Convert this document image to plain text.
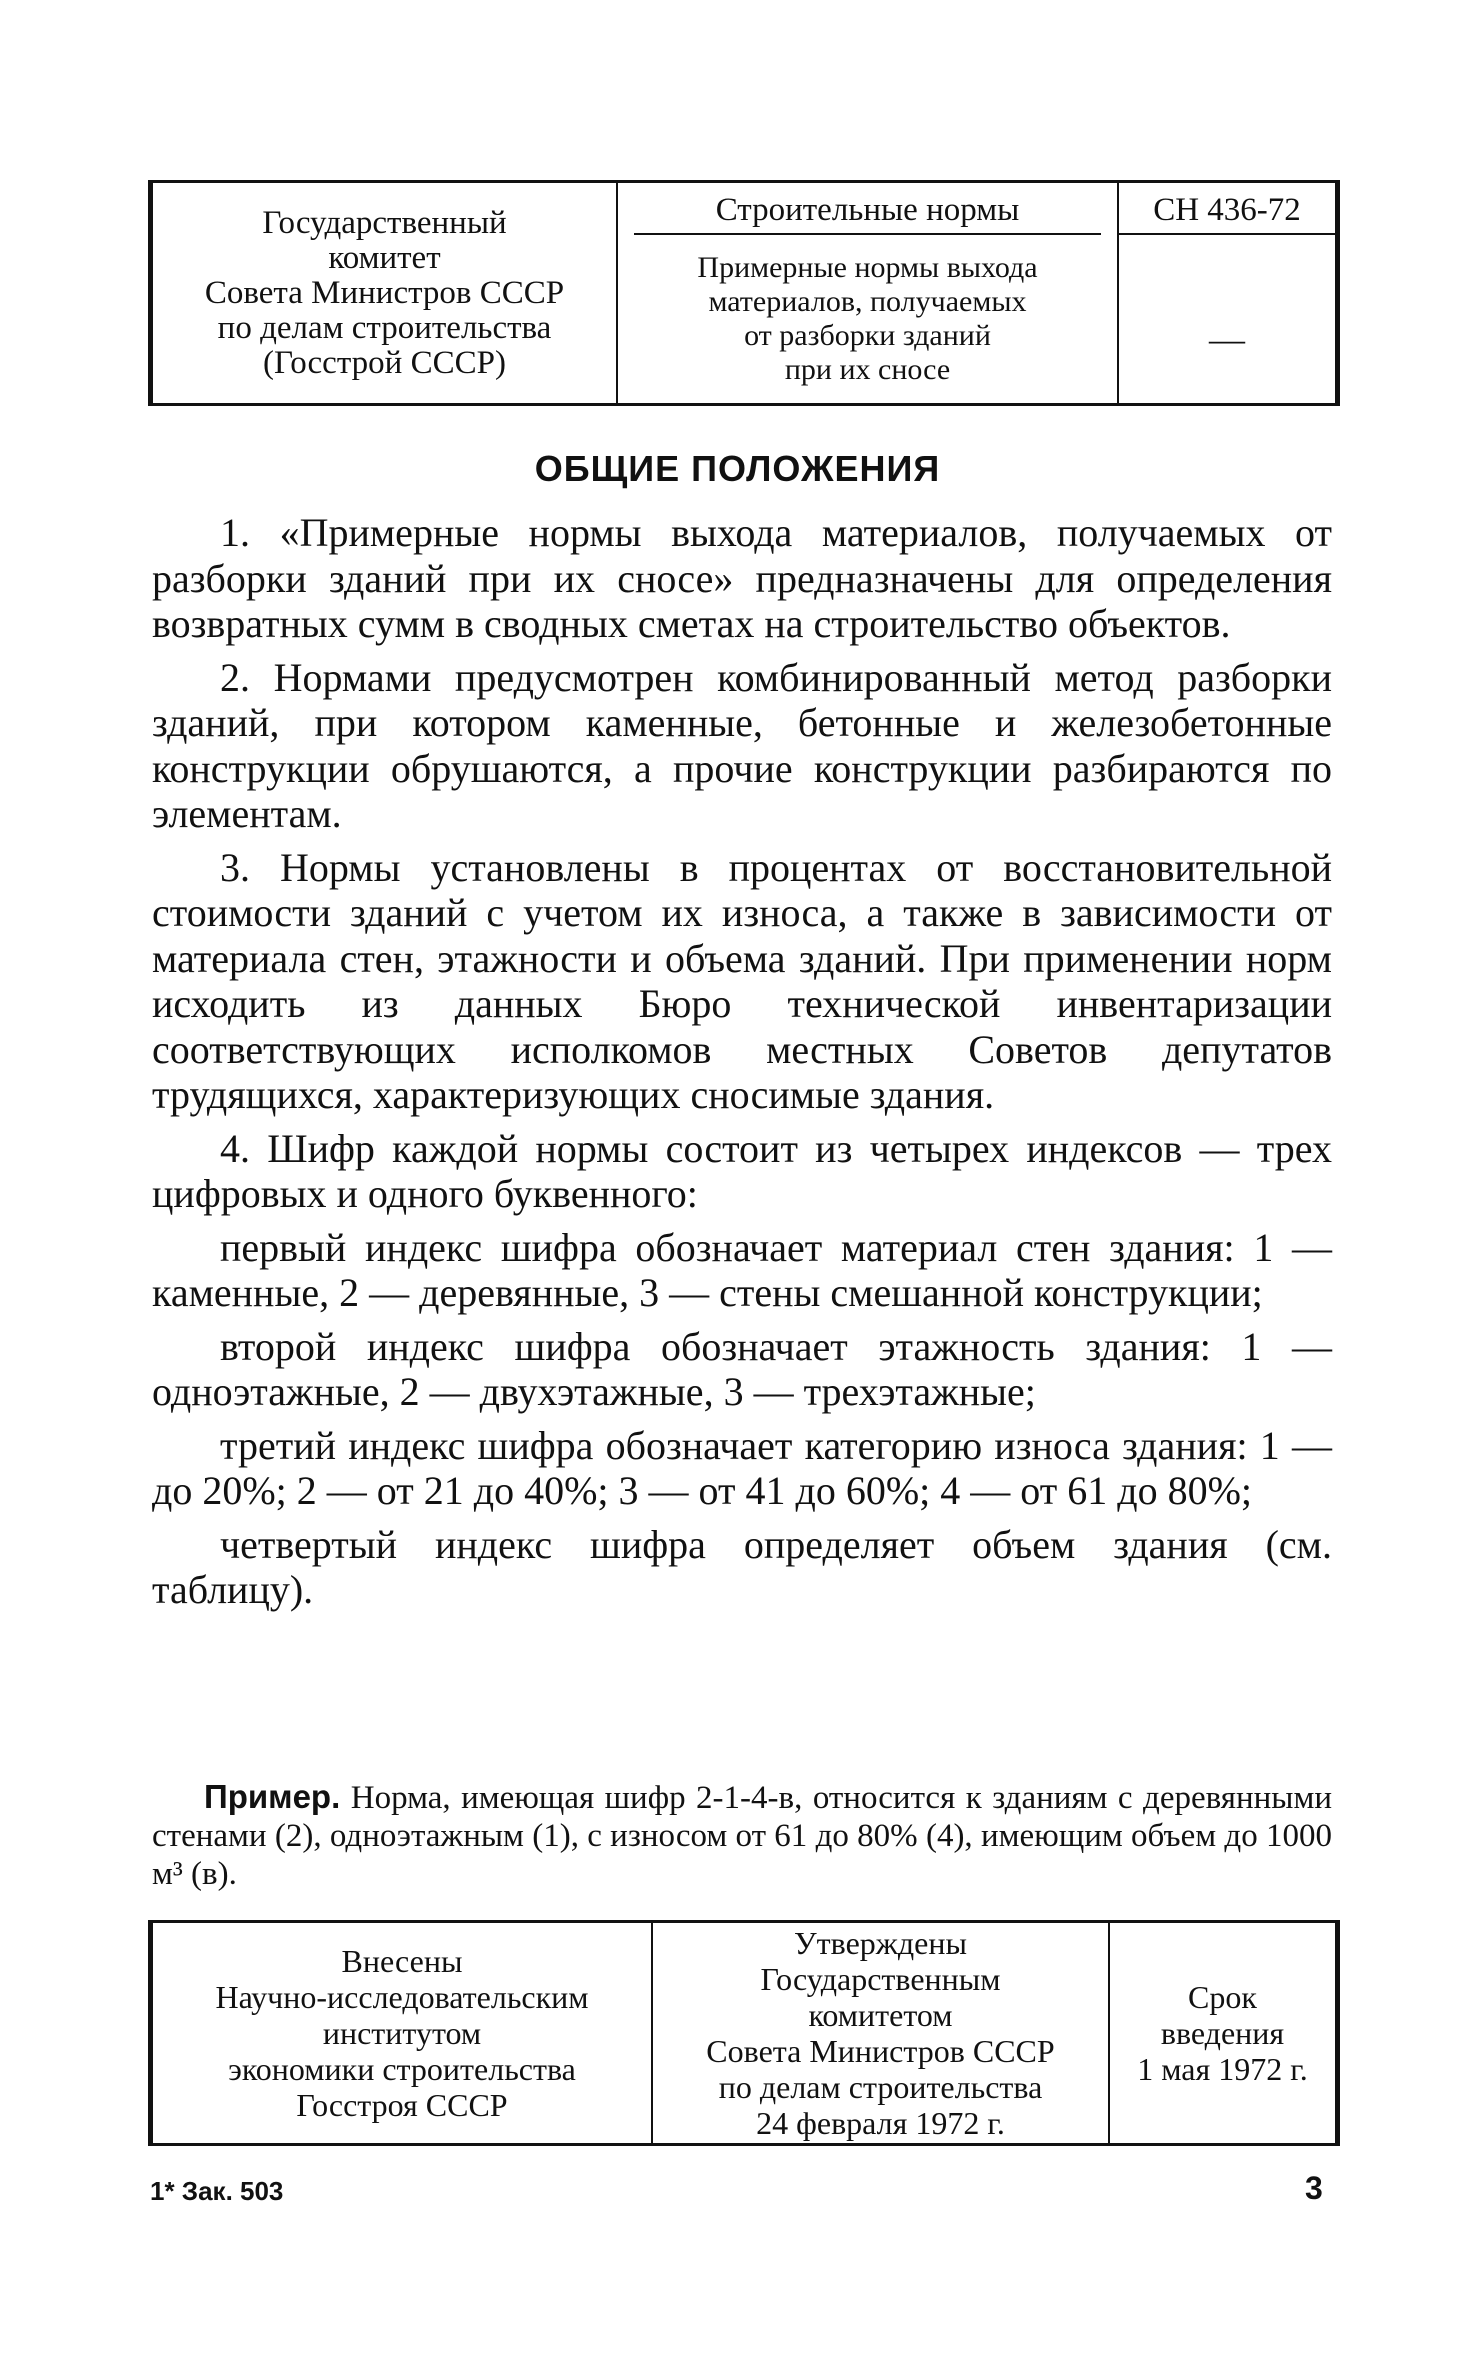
Государственный
комитет
Совета Министров СССР
по делам строительства
(Госстрой СССР)
Строительные нормы
Примерные нормы выхода
материалов, получаемых
от разборки зданий
при их сносе
СН 436-72
—
ОБЩИЕ ПОЛОЖЕНИЯ

1. «Примерные нормы выхода материалов, получаемых от разборки зданий при их сносе» предназначены для определения возвратных сумм в сводных сметах на строительство объектов.

2. Нормами предусмотрен комбинированный метод разборки зданий, при котором каменные, бетонные и железобетонные конструкции обрушаются, а прочие конструкции разбираются по элементам.

3. Нормы установлены в процентах от восстановительной стоимости зданий с учетом их износа, а также в зависимости от материала стен, этажности и объема зданий. При применении норм исходить из данных Бюро технической инвентаризации соответствующих исполкомов местных Советов депутатов трудящихся, характеризующих сносимые здания.

4. Шифр каждой нормы состоит из четырех индексов — трех цифровых и одного буквенного:

первый индекс шифра обозначает материал стен здания: 1 — каменные, 2 — деревянные, 3 — стены смешанной конструкции;

второй индекс шифра обозначает этажность здания: 1 — одноэтажные, 2 — двухэтажные, 3 — трехэтажные;

третий индекс шифра обозначает категорию износа здания: 1 — до 20%; 2 — от 21 до 40%; 3 — от 41 до 60%; 4 — от 61 до 80%;

четвертый индекс шифра определяет объем здания (см. таблицу).

Пример. Норма, имеющая шифр 2-1-4-в, относится к зданиям с деревянными стенами (2), одноэтажным (1), с износом от 61 до 80% (4), имеющим объем до 1000 м³ (в).
Внесены
Научно-исследовательским
институтом
экономики строительства
Госстроя СССР
Утверждены
Государственным
комитетом
Совета Министров СССР
по делам строительства
24 февраля 1972 г.
Срок
введения
1 мая 1972 г.
1* Зак. 503	3
